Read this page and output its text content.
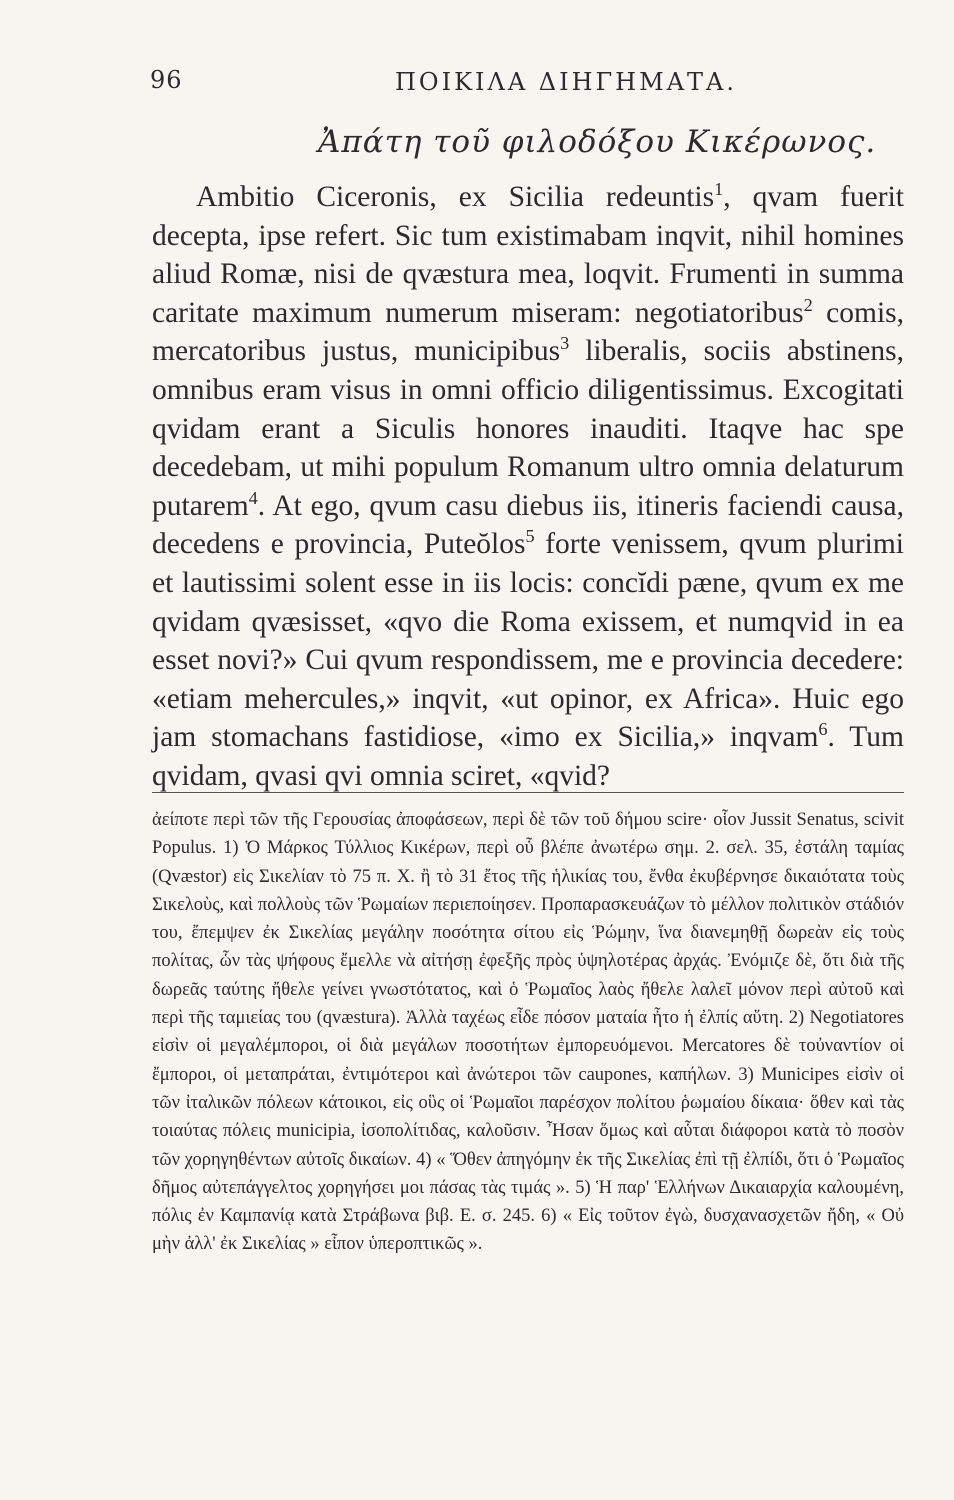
96	ΠΟΙΚΙΛΑ ΔΙΗΓΗΜΑΤΑ.
Ἀπάτη τοῦ φιλοδόξου Κικέρωνος.
Ambitio Ciceronis, ex Sicilia redeuntis$^1$, qvam fuerit decepta, ipse refert. Sic tum existimabam inqvit, nihil homines aliud Romæ, nisi de qvæstura mea, loqvit. Frumenti in summa caritate maximum numerum miseram: negotiatoribus$^2$ comis, mercatoribus justus, municipibus$^3$ liberalis, sociis abstinens, omnibus eram visus in omni officio diligentissimus. Excogitati qvidam erant a Siculis honores inauditi. Itaqve hac spe decedebam, ut mihi populum Romanum ultro omnia delaturum putarem$^4$. At ego, qvum casu diebus iis, itineris faciendi causa, decedens e provincia, Puteŏlos$^5$ forte venissem, qvum plurimi et lautissimi solent esse in iis locis: concĭdi pæne, qvum ex me qvidam qvæsisset, «qvo die Roma exissem, et numqvid in ea esset novi?» Cui qvum respondissem, me e provincia decedere: «etiam mehercules,» inqvit, «ut opinor, ex Africa». Huic ego jam stomachans fastidiose, «imo ex Sicilia,» inqvam$^6$. Tum qvidam, qvasi qvi omnia sciret, «qvid?
ἀείποτε περὶ τῶν τῆς Γερουσίας ἀποφάσεων, περὶ δὲ τῶν τοῦ δήμου scire· οἷον Jussit Senatus, scivit Populus. 1) Ὁ Μάρκος Τύλλιος Κικέρων, περὶ οὗ βλέπε ἀνωτέρω σημ. 2. σελ. 35, ἐστάλη ταμίας (Qvæstor) εἰς Σικελίαν τὸ 75 π. Χ. ἢ τὸ 31 ἔτος τῆς ἡλικίας του, ἔνθα ἐκυβέρνησε δικαιότατα τοὺς Σικελοὺς, καὶ πολλοὺς τῶν Ῥωμαίων περιεποίησεν. Προπαρασκευάζων τὸ μέλλον πολιτικὸν στάδιόν του, ἔπεμψεν ἐκ Σικελίας μεγάλην ποσότητα σίτου εἰς Ῥώμην, ἵνα διανεμηθῇ δωρεὰν εἰς τοὺς πολίτας, ὧν τὰς ψήφους ἔμελλε νὰ αἰτήσῃ ἐφεξῆς πρὸς ὑψηλοτέρας ἀρχάς. Ἐνόμιζε δὲ, ὅτι διὰ τῆς δωρεᾶς ταύτης ἤθελε γείνει γνωστότατος, καὶ ὁ Ῥωμαῖος λαὸς ἤθελε λαλεῖ μόνον περὶ αὐτοῦ καὶ περὶ τῆς ταμιείας του (qvæstura). Ἀλλὰ ταχέως εἶδε πόσον ματαία ἦτο ἡ ἐλπίς αὕτη. 2) Negotiatores εἰσὶν οἱ μεγαλέμποροι, οἱ διὰ μεγάλων ποσοτήτων ἐμπορευόμενοι. Mercatores δὲ τοὐναντίον οἱ ἔμποροι, οἱ μεταπράται, ἐντιμότεροι καὶ ἀνώτεροι τῶν caupones, καπήλων. 3) Municipes εἰσὶν οἱ τῶν ἰταλικῶν πόλεων κάτοικοι, εἰς οὓς οἱ Ῥωμαῖοι παρέσχον πολίτου ῥωμαίου δίκαια· ὅθεν καὶ τὰς τοιαύτας πόλεις municipia, ἰσοπολίτιδας, καλοῦσιν. Ἦσαν ὅμως καὶ αὗται διάφοροι κατὰ τὸ ποσὸν τῶν χορηγηθέντων αὐτοῖς δικαίων. 4) « Ὅθεν ἀπηγόμην ἐκ τῆς Σικελίας ἐπὶ τῇ ἐλπίδι, ὅτι ὁ Ῥωμαῖος δῆμος αὐτεπάγγελτος χορηγήσει μοι πάσας τὰς τιμάς ». 5) Ἡ παρ' Ἑλλήνων Δικαιαρχία καλουμένη, πόλις ἐν Καμπανίᾳ κατὰ Στράβωνα βιβ. Ε. σ. 245. 6) « Εἰς τοῦτον ἐγὼ, δυσχανασχετῶν ἤδη, « Οὐ μὴν ἀλλ' ἐκ Σικελίας » εἶπον ὑπεροπτικῶς ».
